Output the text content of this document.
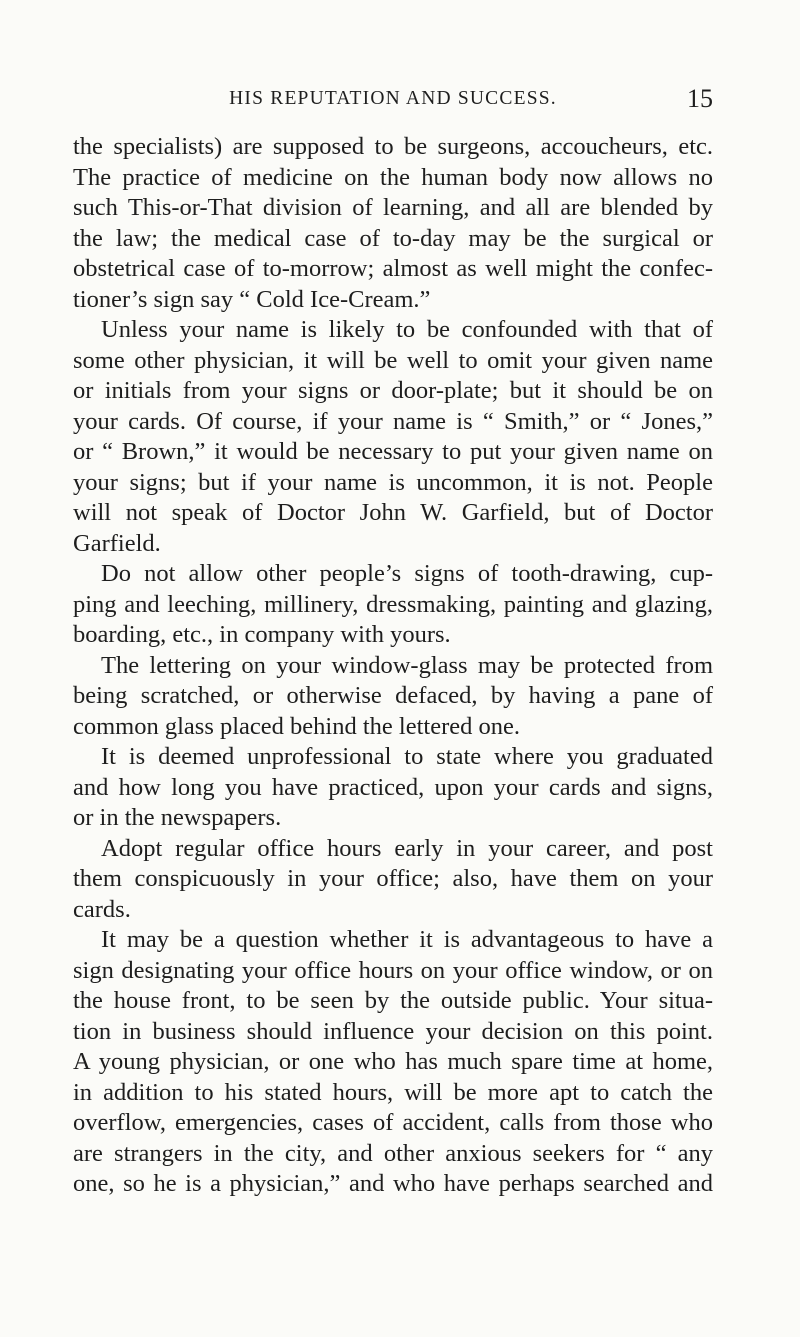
HIS REPUTATION AND SUCCESS.	15
the specialists) are supposed to be surgeons, accoucheurs, etc.
The practice of medicine on the human body now allows no
such This-or-That division of learning, and all are blended by
the law; the medical case of to-day may be the surgical or
obstetrical case of to-morrow; almost as well might the confec-
tioner’s sign say “ Cold Ice-Cream.”
Unless your name is likely to be confounded with that of
some other physician, it will be well to omit your given name
or initials from your signs or door-plate; but it should be on
your cards. Of course, if your name is “ Smith,” or “ Jones,”
or “ Brown,” it would be necessary to put your given name on
your signs; but if your name is uncommon, it is not. People
will not speak of Doctor John W. Garfield, but of Doctor
Garfield.
Do not allow other people’s signs of tooth-drawing, cup-
ping and leeching, millinery, dressmaking, painting and glazing,
boarding, etc., in company with yours.
The lettering on your window-glass may be protected from
being scratched, or otherwise defaced, by having a pane of
common glass placed behind the lettered one.
It is deemed unprofessional to state where you graduated
and how long you have practiced, upon your cards and signs,
or in the newspapers.
Adopt regular office hours early in your career, and post
them conspicuously in your office; also, have them on your
cards.
It may be a question whether it is advantageous to have a
sign designating your office hours on your office window, or on
the house front, to be seen by the outside public. Your situa-
tion in business should influence your decision on this point.
A young physician, or one who has much spare time at home,
in addition to his stated hours, will be more apt to catch the
overflow, emergencies, cases of accident, calls from those who
are strangers in the city, and other anxious seekers for “ any
one, so he is a physician,” and who have perhaps searched and
